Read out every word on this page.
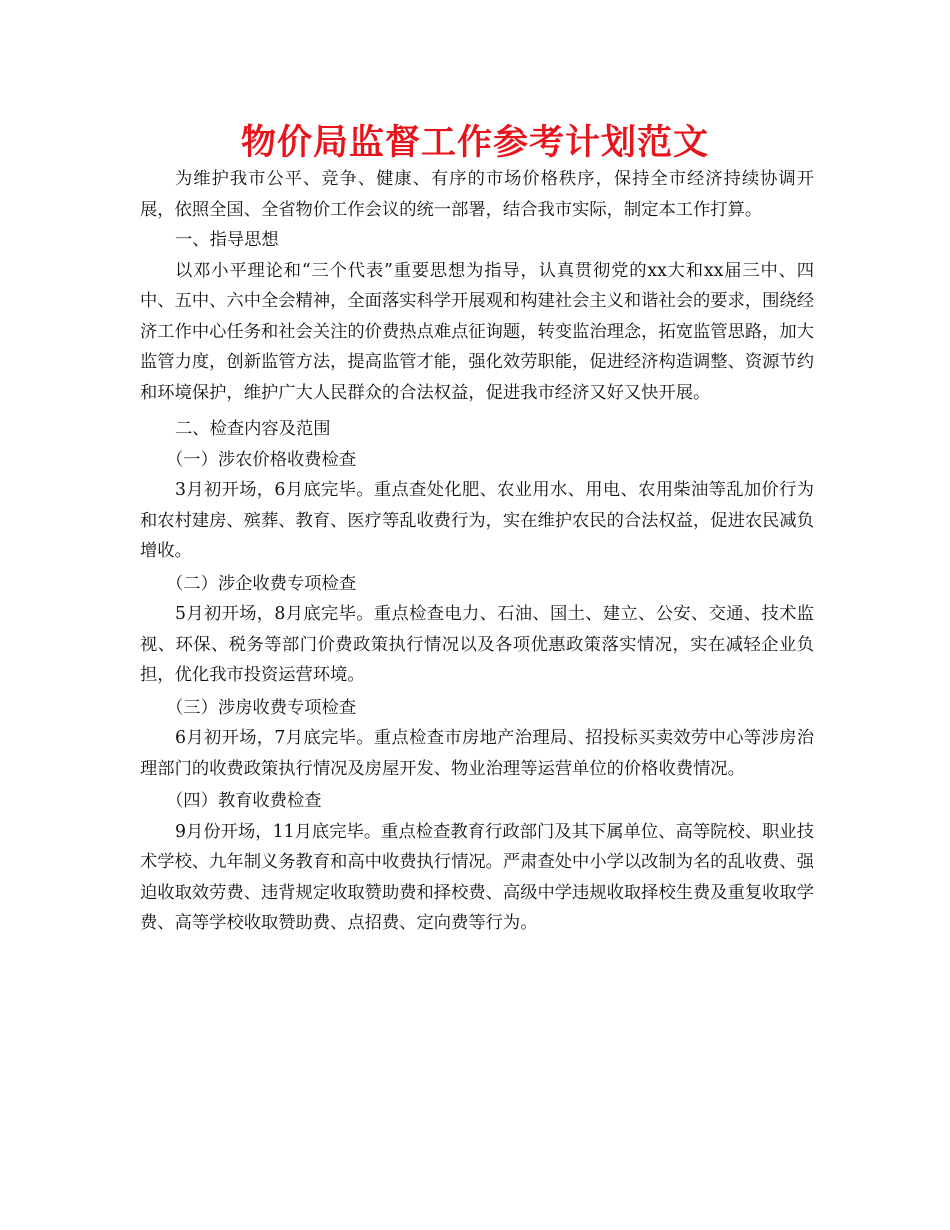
物价局监督工作参考计划范文

为维护我市公平、竞争、健康、有序的市场价格秩序，保持全市经济持续协调开展，依照全国、全省物价工作会议的统一部署，结合我市实际，制定本工作打算。

一、指导思想

以邓小平理论和“三个代表”重要思想为指导，认真贯彻党的xx大和xx届三中、四中、五中、六中全会精神，全面落实科学开展观和构建社会主义和谐社会的要求，围绕经济工作中心任务和社会关注的价费热点难点征询题，转变监治理念，拓宽监管思路，加大监管力度，创新监管方法，提高监管才能，强化效劳职能，促进经济构造调整、资源节约和环境保护，维护广大人民群众的合法权益，促进我市经济又好又快开展。

二、检查内容及范围

（一）涉农价格收费检查

3月初开场，6月底完毕。重点查处化肥、农业用水、用电、农用柴油等乱加价行为和农村建房、殡葬、教育、医疗等乱收费行为，实在维护农民的合法权益，促进农民减负增收。

（二）涉企收费专项检查

5月初开场，8月底完毕。重点检查电力、石油、国土、建立、公安、交通、技术监视、环保、税务等部门价费政策执行情况以及各项优惠政策落实情况，实在减轻企业负担，优化我市投资运营环境。

（三）涉房收费专项检查

6月初开场，7月底完毕。重点检查市房地产治理局、招投标买卖效劳中心等涉房治理部门的收费政策执行情况及房屋开发、物业治理等运营单位的价格收费情况。

（四）教育收费检查

9月份开场，11月底完毕。重点检查教育行政部门及其下属单位、高等院校、职业技术学校、九年制义务教育和高中收费执行情况。严肃查处中小学以改制为名的乱收费、强迫收取效劳费、违背规定收取赞助费和择校费、高级中学违规收取择校生费及重复收取学费、高等学校收取赞助费、点招费、定向费等行为。
